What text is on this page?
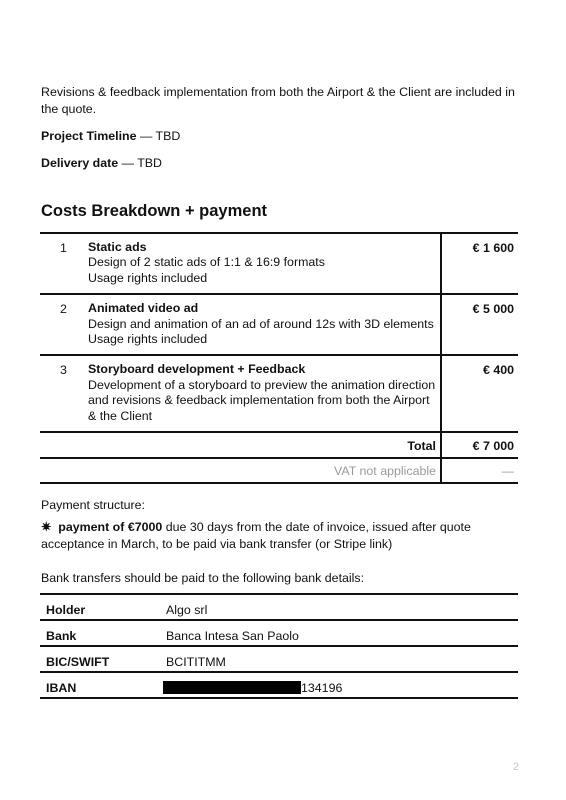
Revisions & feedback implementation from both the Airport & the Client are included in the quote.

Project Timeline — TBD

Delivery date — TBD

Costs Breakdown + payment
1	Static ads
Design of 2 static ads of 1:1 & 16:9 formats
Usage rights included	€ 1 600
2	Animated video ad
Design and animation of an ad of around 12s with 3D elements
Usage rights included	€ 5 000
3	Storyboard development + Feedback
Development of a storyboard to preview the animation direction and revisions & feedback implementation from both the Airport & the Client	€ 400
Total		€ 7 000
VAT not applicable		—

Payment structure:

✷ payment of €7000 due 30 days from the date of invoice, issued after quote acceptance in March, to be paid via bank transfer (or Stripe link)

Bank transfers should be paid to the following bank details:

Holder	Algo srl
Bank	Banca Intesa San Paolo
BIC/SWIFT	BCITITMM
IBAN	134196
2
